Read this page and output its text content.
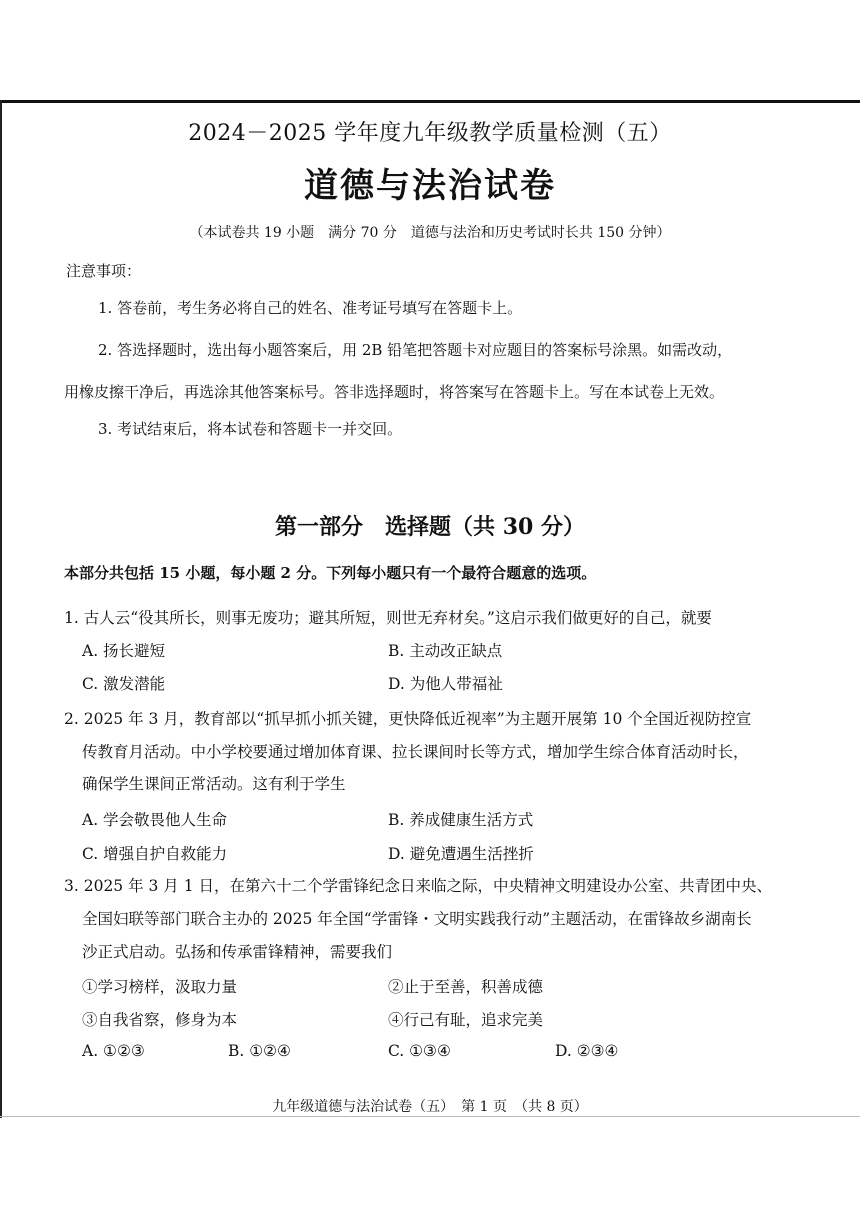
2024－2025 学年度九年级教学质量检测（五）
道德与法治试卷
（本试卷共 19 小题　满分 70 分　道德与法治和历史考试时长共 150 分钟）
注意事项：
1. 答卷前，考生务必将自己的姓名、准考证号填写在答题卡上。
2. 答选择题时，选出每小题答案后，用 2B 铅笔把答题卡对应题目的答案标号涂黑。如需改动，
用橡皮擦干净后，再选涂其他答案标号。答非选择题时，将答案写在答题卡上。写在本试卷上无效。
3. 考试结束后，将本试卷和答题卡一并交回。
第一部分　选择题（共 30 分）
本部分共包括 15 小题，每小题 2 分。下列每小题只有一个最符合题意的选项。
1. 古人云“役其所长，则事无废功；避其所短，则世无弃材矣。”这启示我们做更好的自己，就要
A. 扬长避短	B. 主动改正缺点
C. 激发潜能	D. 为他人带福祉
2. 2025 年 3 月，教育部以“抓早抓小抓关键，更快降低近视率”为主题开展第 10 个全国近视防控宣
传教育月活动。中小学校要通过增加体育课、拉长课间时长等方式，增加学生综合体育活动时长，
确保学生课间正常活动。这有利于学生
A. 学会敬畏他人生命	B. 养成健康生活方式
C. 增强自护自救能力	D. 避免遭遇生活挫折
3. 2025 年 3 月 1 日，在第六十二个学雷锋纪念日来临之际，中央精神文明建设办公室、共青团中央、
全国妇联等部门联合主办的 2025 年全国“学雷锋・文明实践我行动”主题活动，在雷锋故乡湖南长
沙正式启动。弘扬和传承雷锋精神，需要我们
①学习榜样，汲取力量	②止于至善，积善成德
③自我省察，修身为本	④行己有耻，追求完美
A. ①②③	B. ①②④	C. ①③④	D. ②③④
九年级道德与法治试卷（五）　第 1 页　（共 8 页）
